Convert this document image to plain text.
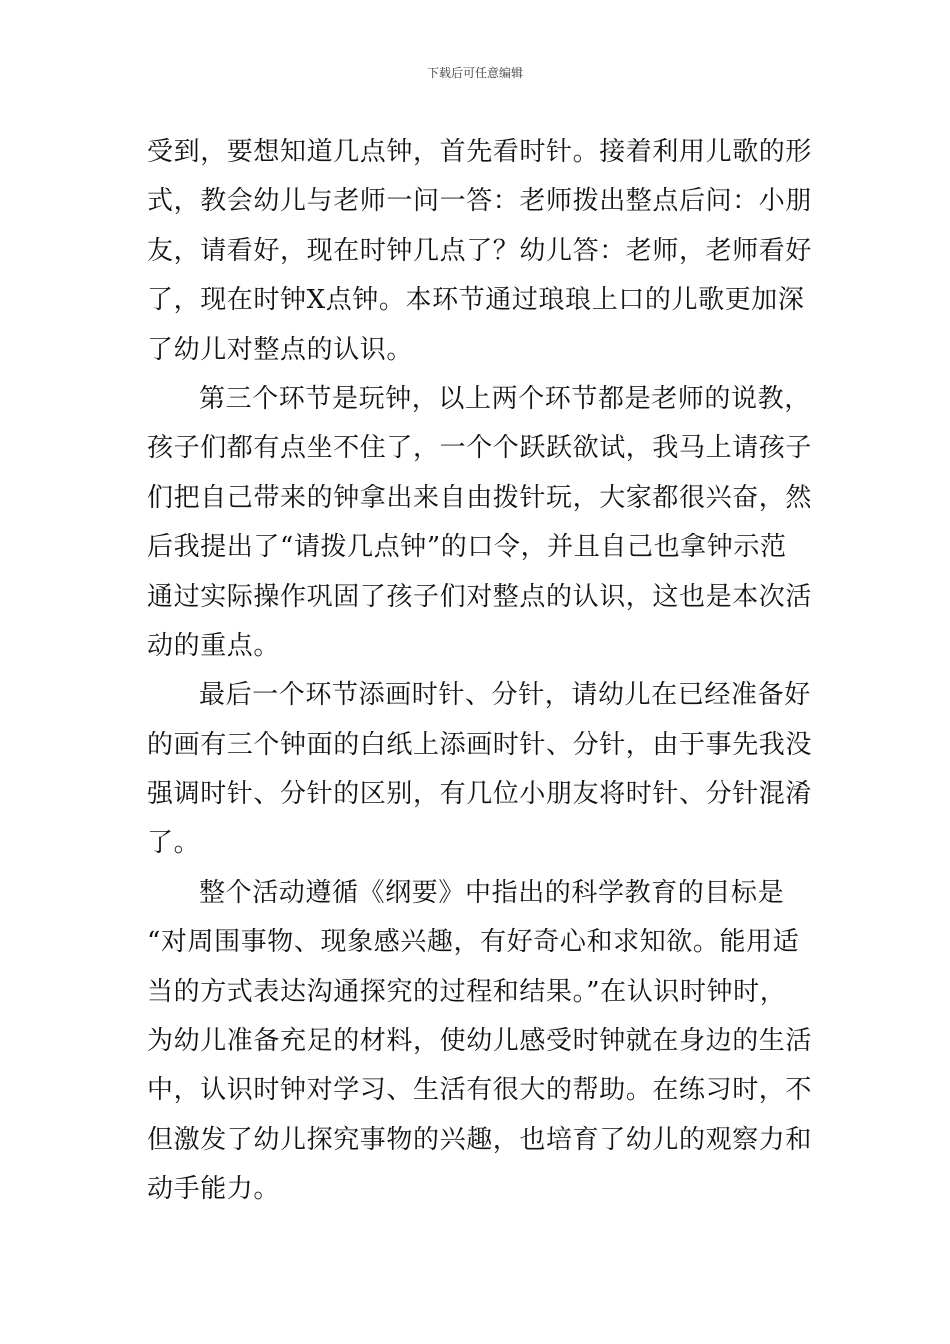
下载后可任意编辑
受到，要想知道几点钟，首先看时针。接着利用儿歌的形
式，教会幼儿与老师一问一答：老师拨出整点后问：小朋
友，请看好，现在时钟几点了？幼儿答：老师，老师看好
了，现在时钟X点钟。本环节通过琅琅上口的儿歌更加深
了幼儿对整点的认识。
第三个环节是玩钟，以上两个环节都是老师的说教，
孩子们都有点坐不住了，一个个跃跃欲试，我马上请孩子
们把自己带来的钟拿出来自由拨针玩，大家都很兴奋，然
后我提出了“请拨几点钟”的口令，并且自己也拿钟示范
通过实际操作巩固了孩子们对整点的认识，这也是本次活
动的重点。
最后一个环节添画时针、分针，请幼儿在已经准备好
的画有三个钟面的白纸上添画时针、分针，由于事先我没
强调时针、分针的区别，有几位小朋友将时针、分针混淆
了。
整个活动遵循《纲要》中指出的科学教育的目标是
“对周围事物、现象感兴趣，有好奇心和求知欲。能用适
当的方式表达沟通探究的过程和结果。”在认识时钟时，
为幼儿准备充足的材料，使幼儿感受时钟就在身边的生活
中，认识时钟对学习、生活有很大的帮助。在练习时，不
但激发了幼儿探究事物的兴趣，也培育了幼儿的观察力和
动手能力。
